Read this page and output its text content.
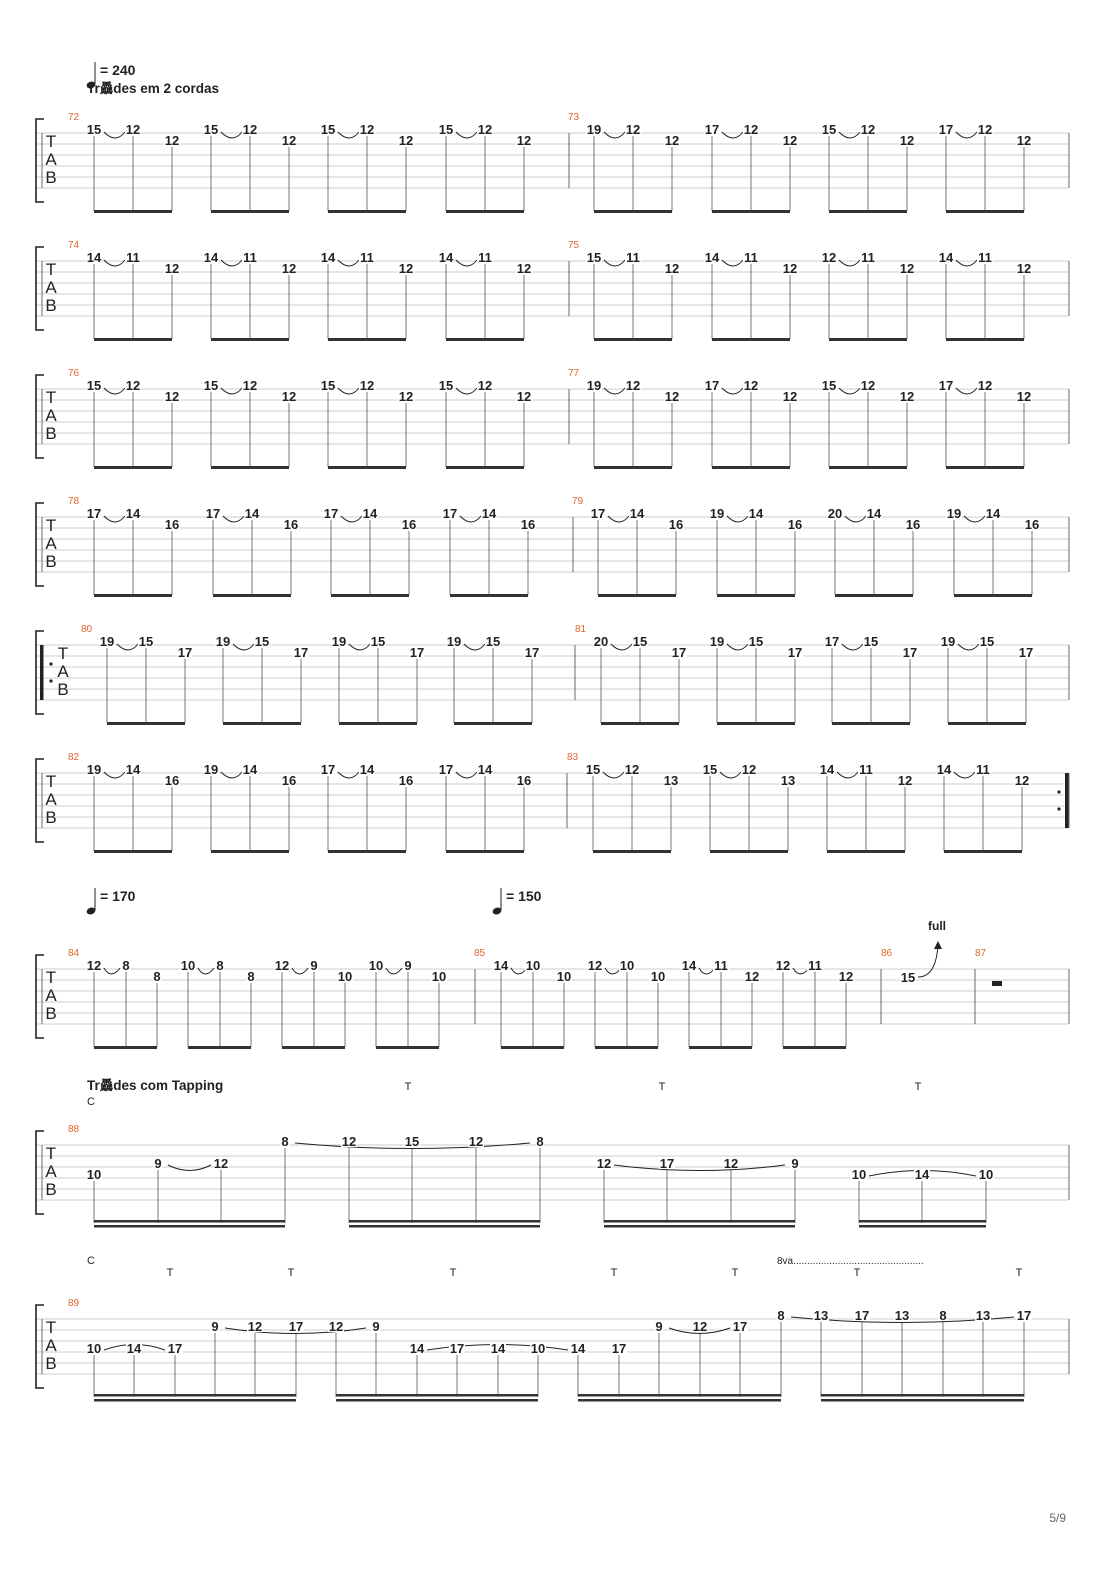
= 240
Tr驫des em 2 cordas
= 170	= 150
Tr驫des com Tapping
C
T	T	T
C
T	T	T	T	T	T	T
8va...............................................
full
5/9
T
A
B
72	73
15 12
12
15 12
12
15 12
12
15 12
12
19 12
12
17 12
12
15 12
12
17 12
12
T
A
B
74	75
14 11
12
14 11
12
14 11
12
14 11
12
15 11
12
14 11
12
12 11
12
14 11
12
T
A
B
76	77
15 12
12
15 12
12
15 12
12
15 12
12
19 12
12
17 12
12
15 12
12
17 12
12
T
A
B
78	79
17 14
16
17 14
16
17 14
16
17 14
16
17 14
16
19 14
16
20 14
16
19 14
16
T
A
B
80	81
19 15
17
19 15
17
19 15
17
19 15
17
20 15
17
19 15
17
17 15
17
19 15
17
T
A
B
82	83
19 14
16
19 14
16
17 14
16
17 14
16
15 12
13
15 12
13
14 11
12
14 11
12
T
A
B
84	85	86	87
12 8
8
10 8
8
12 9
10
10 9
10
14 10
10
12 10
10
14 11
12
12 11
12	15
T
A
B
88
10
9	12
8	12	15	12	8
12	17	12	9
10	14	10
T
A
B
89
10 14 17
9 12 17 12 9
14 17 14 10 14 17
9 12 17
8 13 17 13 8 13 17
